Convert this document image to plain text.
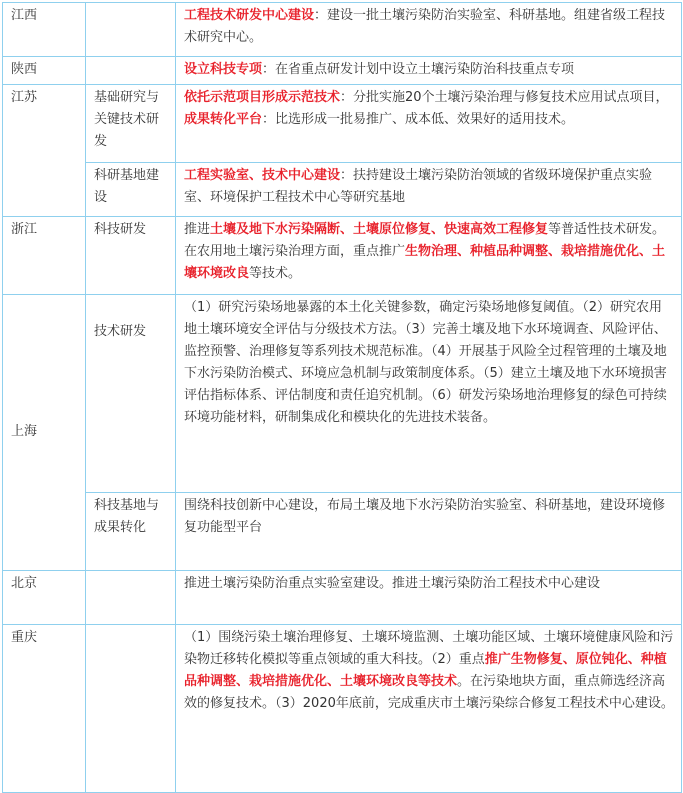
江西		工程技术研发中心建设：建设一批土壤污染防治实验室、科研基地。组建省级工程技术研究中心。
陕西		设立科技专项：在省重点研发计划中设立土壤污染防治科技重点专项
江苏	基础研究与关键技术研发	依托示范项目形成示范技术：分批实施20个土壤污染治理与修复技术应用试点项目，成果转化平台：比选形成一批易推广、成本低、效果好的适用技术。
	科研基地建设	工程实验室、技术中心建设：扶持建设土壤污染防治领域的省级环境保护重点实验室、环境保护工程技术中心等研究基地
浙江	科技研发	推进土壤及地下水污染隔断、土壤原位修复、快速高效工程修复等普适性技术研发。在农用地土壤污染治理方面，重点推广生物治理、种植品种调整、栽培措施优化、土壤环境改良等技术。
上海	技术研发	（1）研究污染场地暴露的本土化关键参数，确定污染场地修复阈值。（2）研究农用地土壤环境安全评估与分级技术方法。（3）完善土壤及地下水环境调查、风险评估、监控预警、治理修复等系列技术规范标准。（4）开展基于风险全过程管理的土壤及地下水污染防治模式、环境应急机制与政策制度体系。（5）建立土壤及地下水环境损害评估指标体系、评估制度和责任追究机制。（6）研发污染场地治理修复的绿色可持续环境功能材料，研制集成化和模块化的先进技术装备。
	科技基地与成果转化	围绕科技创新中心建设，布局土壤及地下水污染防治实验室、科研基地，建设环境修复功能型平台
北京		推进土壤污染防治重点实验室建设。推进土壤污染防治工程技术中心建设
重庆		（1）围绕污染土壤治理修复、土壤环境监测、土壤功能区域、土壤环境健康风险和污染物迁移转化模拟等重点领域的重大科技。（2）重点推广生物修复、原位钝化、种植品种调整、栽培措施优化、土壤环境改良等技术。在污染地块方面，重点筛选经济高效的修复技术。（3）2020年底前，完成重庆市土壤污染综合修复工程技术中心建设。
